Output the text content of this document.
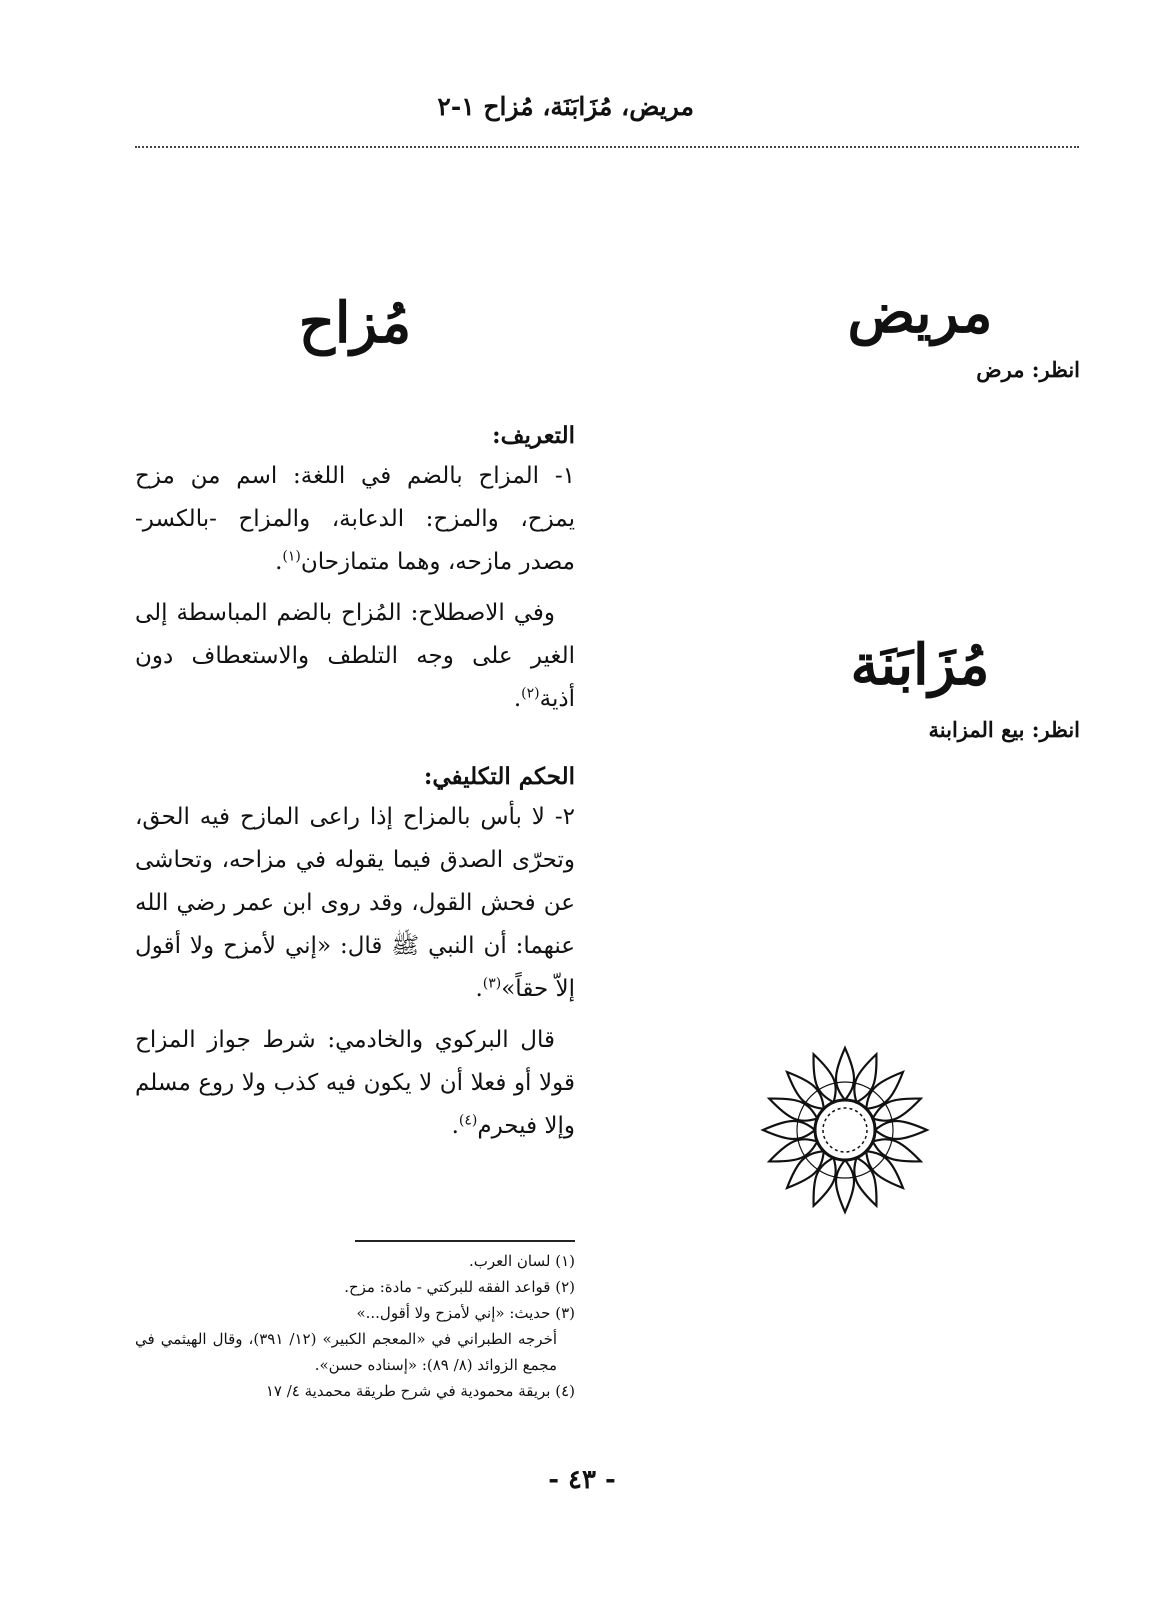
مريض، مُزَابَنَة، مُزاح ١-٢
مريض
انظر: مرض
مُزَابَنَة
انظر: بيع المزابنة
مُزاح
التعريف:

١- المزاح بالضم في اللغة: اسم من مزح يمزح، والمزح: الدعابة، والمزاح -بالكسر- مصدر مازحه، وهما متمازحان$^{(١)}$.

وفي الاصطلاح: المُزاح بالضم المباسطة إلى الغير على وجه التلطف والاستعطاف دون أذية$^{(٢)}$.

الحكم التكليفي:

٢- لا بأس بالمزاح إذا راعى المازح فيه الحق، وتحرّى الصدق فيما يقوله في مزاحه، وتحاشى عن فحش القول، وقد روى ابن عمر رضي الله عنهما: أن النبي ﷺ قال: «إني لأمزح ولا أقول إلاّ حقاً»$^{(٣)}$.

قال البركوي والخادمي: شرط جواز المزاح قولا أو فعلا أن لا يكون فيه كذب ولا روع مسلم وإلا فيحرم$^{(٤)}$.

(١) لسان العرب.
(٢) قواعد الفقه للبركتي - مادة: مزح.
(٣) حديث: «إني لأمزح ولا أقول...»
أخرجه الطبراني في «المعجم الكبير» (١٢/ ٣٩١)، وقال الهيثمي في مجمع الزوائد (٨/ ٨٩): «إسناده حسن».
(٤) بريقة محمودية في شرح طريقة محمدية ٤/ ١٧
- ٤٣ -
